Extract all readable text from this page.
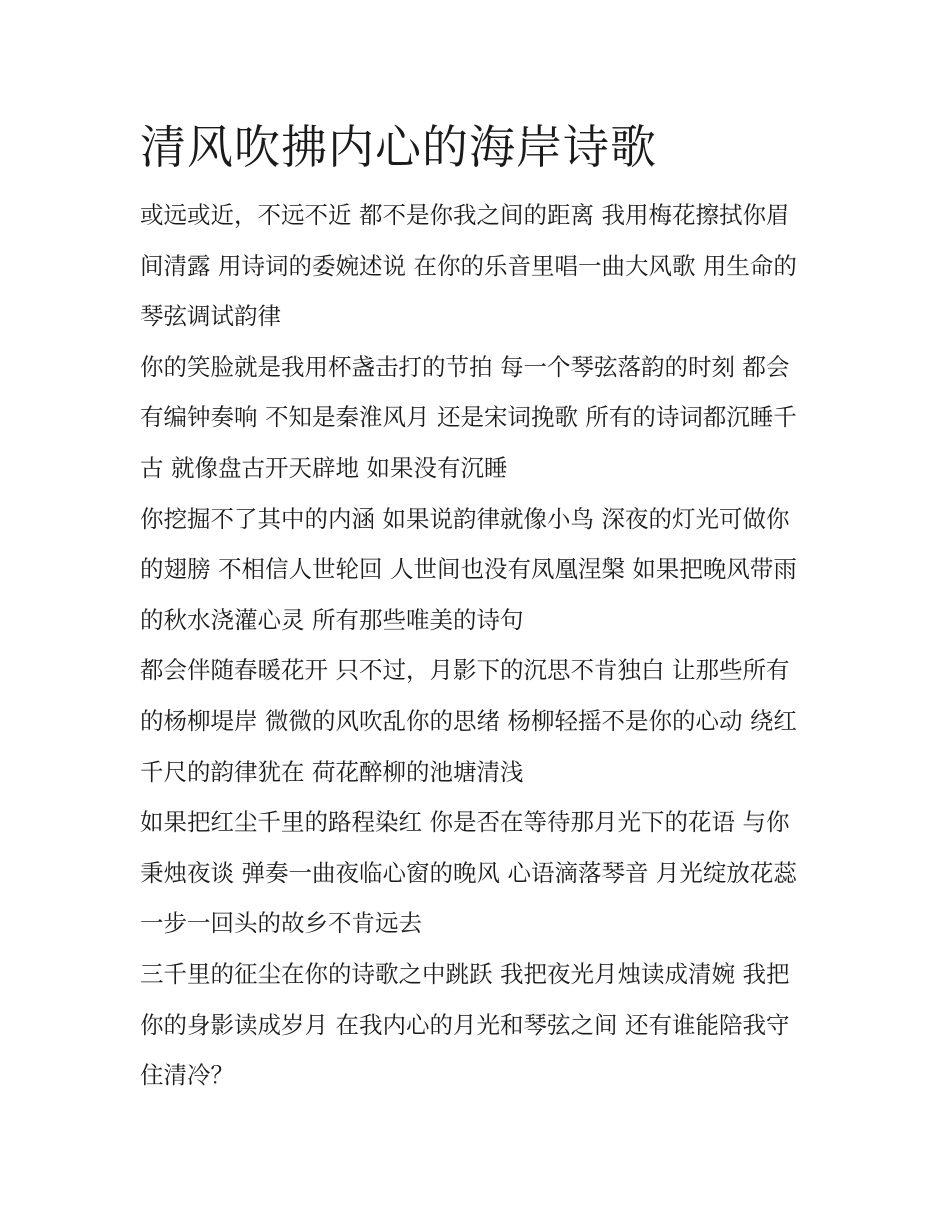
清风吹拂内心的海岸诗歌

或远或近，不远不近 都不是你我之间的距离 我用梅花擦拭你眉间清露 用诗词的委婉述说 在你的乐音里唱一曲大风歌 用生命的琴弦调试韵律

你的笑脸就是我用杯盏击打的节拍 每一个琴弦落韵的时刻 都会有编钟奏响 不知是秦淮风月 还是宋词挽歌 所有的诗词都沉睡千古 就像盘古开天辟地 如果没有沉睡

你挖掘不了其中的内涵 如果说韵律就像小鸟 深夜的灯光可做你的翅膀 不相信人世轮回 人世间也没有凤凰涅槃 如果把晚风带雨的秋水浇灌心灵 所有那些唯美的诗句

都会伴随春暖花开 只不过，月影下的沉思不肯独白 让那些所有的杨柳堤岸 微微的风吹乱你的思绪 杨柳轻摇不是你的心动 绕红千尺的韵律犹在 荷花醉柳的池塘清浅

如果把红尘千里的路程染红 你是否在等待那月光下的花语 与你秉烛夜谈 弹奏一曲夜临心窗的晚风 心语滴落琴音 月光绽放花蕊 一步一回头的故乡不肯远去

三千里的征尘在你的诗歌之中跳跃 我把夜光月烛读成清婉 我把你的身影读成岁月 在我内心的月光和琴弦之间 还有谁能陪我守住清冷？
